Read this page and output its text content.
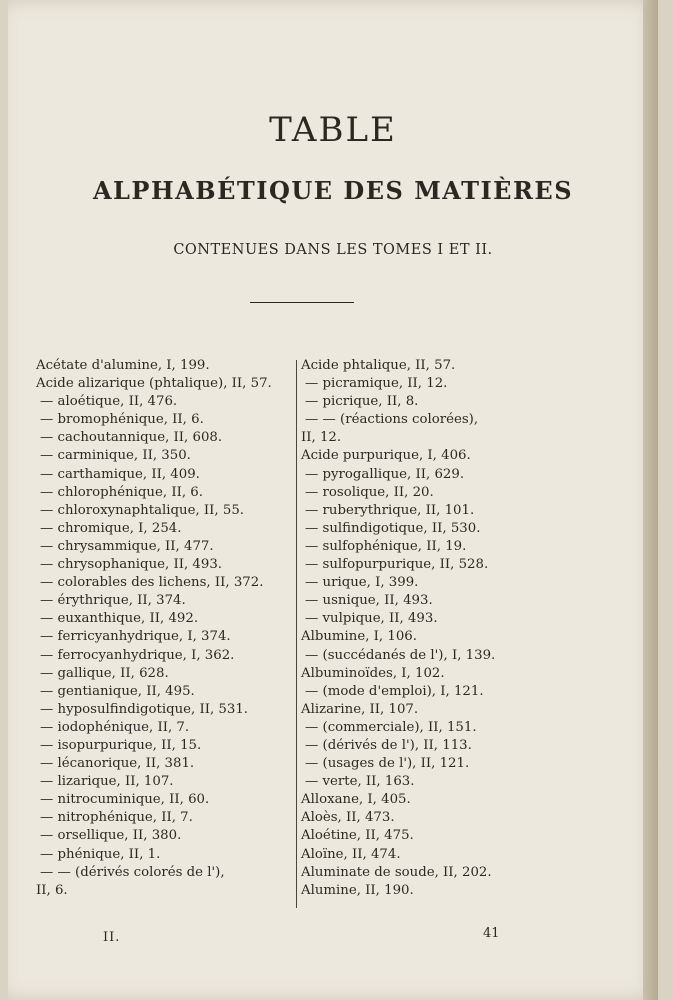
TABLE
ALPHABÉTIQUE DES MATIÈRES
CONTENUES DANS LES TOMES I ET II.
Acétate d'alumine, I, 199.
Acide alizarique (phtalique), II, 57.
— aloétique, II, 476.
— bromophénique, II, 6.
— cachoutannique, II, 608.
— carminique, II, 350.
— carthamique, II, 409.
— chlorophénique, II, 6.
— chloroxynaphtalique, II, 55.
— chromique, I, 254.
— chrysammique, II, 477.
— chrysophanique, II, 493.
— colorables des lichens, II, 372.
— érythrique, II, 374.
— euxanthique, II, 492.
— ferricyanhydrique, I, 374.
— ferrocyanhydrique, I, 362.
— gallique, II, 628.
— gentianique, II, 495.
— hyposulfindigotique, II, 531.
— iodophénique, II, 7.
— isopurpurique, II, 15.
— lécanorique, II, 381.
— lizarique, II, 107.
— nitrocuminique, II, 60.
— nitrophénique, II, 7.
— orsellique, II, 380.
— phénique, II, 1.
— — (dérivés colorés de l'),
II, 6.
Acide phtalique, II, 57.
— picramique, II, 12.
— picrique, II, 8.
— — (réactions colorées),
II, 12.
Acide purpurique, I, 406.
— pyrogallique, II, 629.
— rosolique, II, 20.
— ruberythrique, II, 101.
— sulfindigotique, II, 530.
— sulfophénique, II, 19.
— sulfopurpurique, II, 528.
— urique, I, 399.
— usnique, II, 493.
— vulpique, II, 493.
Albumine, I, 106.
— (succédanés de l'), I, 139.
Albuminoïdes, I, 102.
— (mode d'emploi), I, 121.
Alizarine, II, 107.
— (commerciale), II, 151.
— (dérivés de l'), II, 113.
— (usages de l'), II, 121.
— verte, II, 163.
Alloxane, I, 405.
Aloès, II, 473.
Aloétine, II, 475.
Aloïne, II, 474.
Aluminate de soude, II, 202.
Alumine, II, 190.
II.	41
